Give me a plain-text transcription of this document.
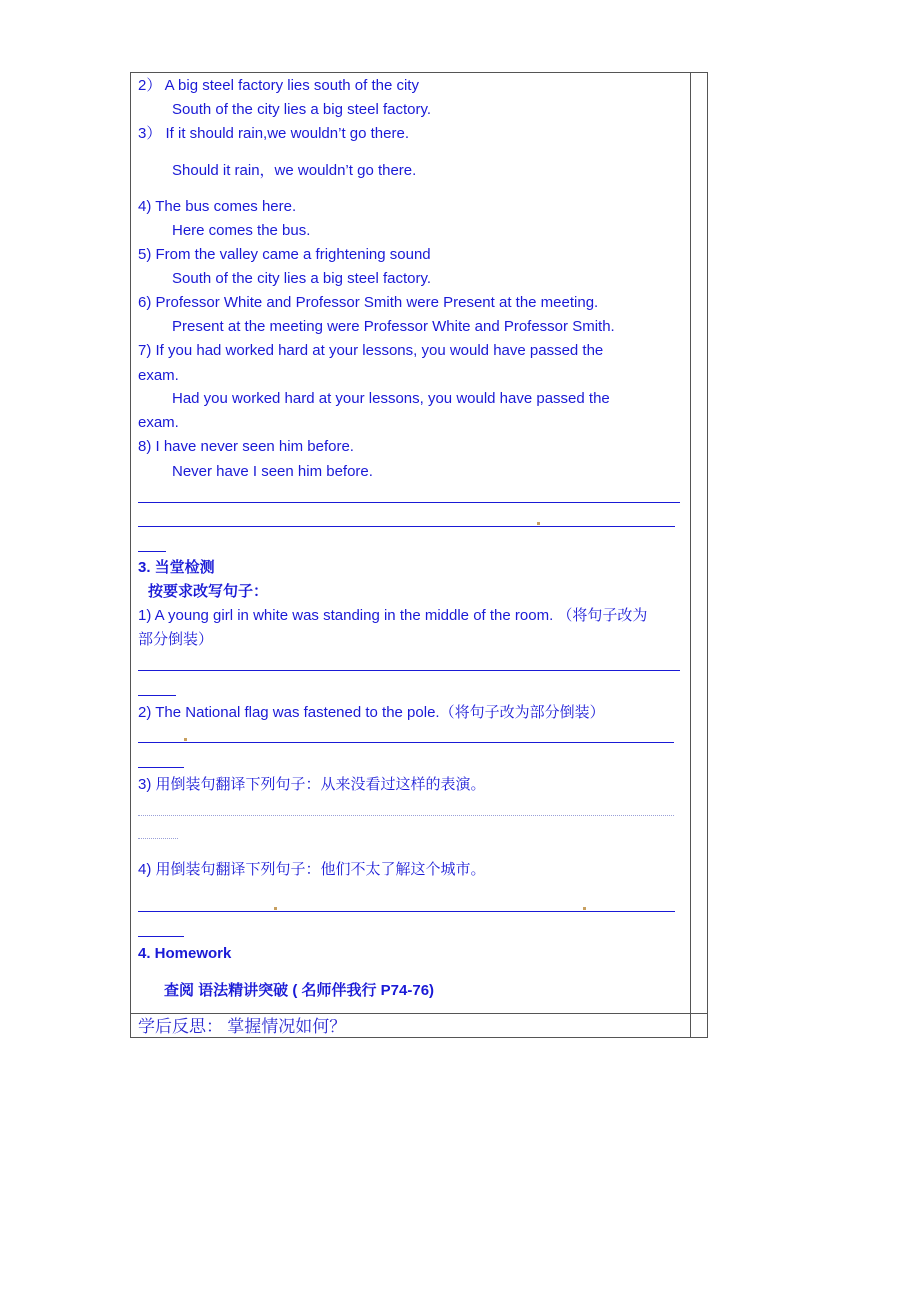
2） A big steel factory lies south of the city
South of the city lies a big steel factory.
3） If it should rain,we wouldn’t go there.
Should it rain，we wouldn’t go there.
4) The bus comes here.
Here comes the bus.
5) From the valley came a frightening sound
South of the city lies a big steel factory.
6) Professor White and Professor Smith were Present at the meeting.
Present at the meeting were Professor White and Professor Smith.
7) If you had worked hard at your lessons, you would have passed the
exam.
Had you worked hard at your lessons, you would have passed the
exam.
8) I have never seen him before.
Never have I seen him before.
3. 当堂检测
按要求改写句子：
1) A young girl in white was standing in the middle of the room. （将句子改为
部分倒装）
2) The National flag was fastened to the pole.（将句子改为部分倒装）
3) 用倒装句翻译下列句子：从来没看过这样的表演。
4) 用倒装句翻译下列句子：他们不太了解这个城市。
4. Homework
查阅 语法精讲突破 ( 名师伴我行 P74-76)
学后反思： 掌握情况如何？
